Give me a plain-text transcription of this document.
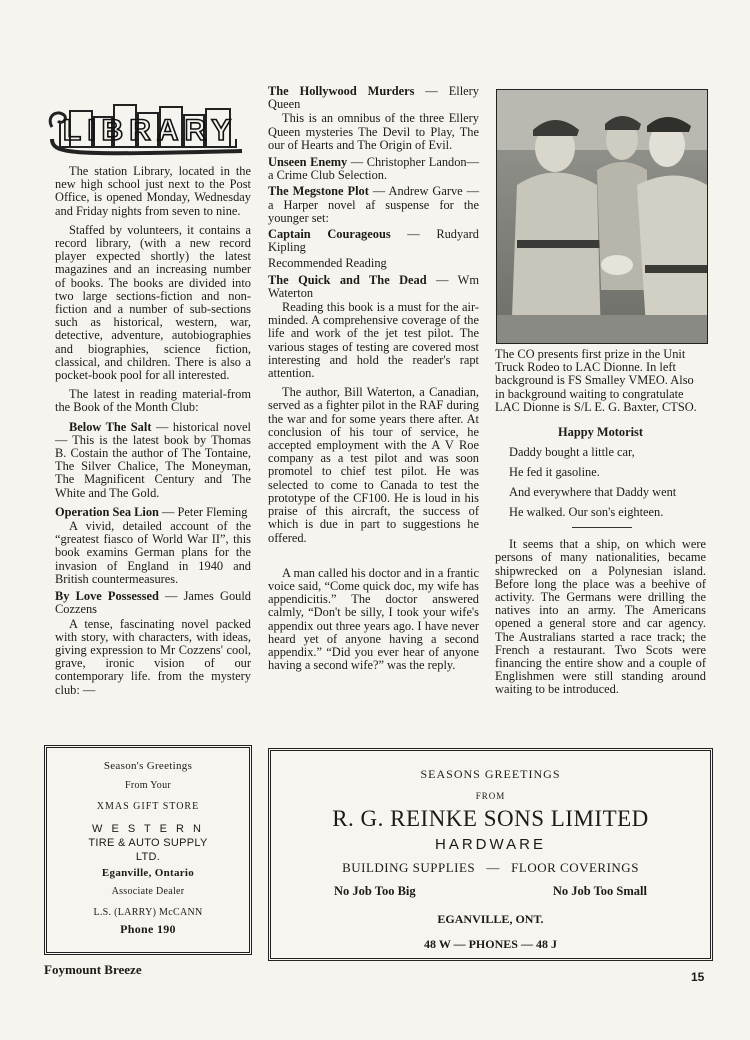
LIBRARY

The station Library, located in the new high school just next to the Post Office, is opened Monday, Wednesday and Friday nights from seven to nine.

Staffed by volunteers, it contains a record library, (with a new record player expected shortly) the latest magazines and an increasing number of books. The books are divided into two large sections-fiction and non-fiction and a number of sub-sections such as historical, western, war, detective, adventure, autobiographies and biographies, science fiction, classical, and children. There is also a pocket-book pool for all interested.

The latest in reading material-from the Book of the Month Club:

Below The Salt — historical novel — This is the latest book by Thomas B. Costain the author of The Tontaine, The Silver Chalice, The Moneyman, The Magnificent Century and The White and The Gold.

Operation Sea Lion — Peter Fleming

A vivid, detailed account of the “greatest fiasco of World War II”, this book examins German plans for the invasion of England in 1940 and British countermeasures.

By Love Possessed — James Gould Cozzens

A tense, fascinating novel packed with story, with characters, with ideas, giving expression to Mr Cozzens' cool, grave, ironic vision of our contemporary life. from the mystery club: —

The Hollywood Murders — Ellery Queen

This is an omnibus of the three Ellery Queen mysteries The Devil to Play, The our of Hearts and The Origin of Evil.

Unseen Enemy — Christopher Landon—a Crime Club Selection.

The Megstone Plot — Andrew Garve — a Harper novel af suspense for the younger set:

Captain Courageous — Rudyard Kipling

Recommended Reading

The Quick and The Dead — Wm Waterton

Reading this book is a must for the air-minded. A comprehensive coverage of the life and work of the jet test pilot. The various stages of testing are covered most interesting and hold the reader's rapt attention.

The author, Bill Waterton, a Canadian, served as a fighter pilot in the RAF during the war and for some years there after. At conclusion of his tour of service, he accepted employment with the A V Roe company as a test pilot and was soon promotel to chief test pilot. He was selected to come to Canada to test the prototype of the CF100. He is loud in his praise of this aircraft, the success of which is due in part to suggestions he offered.

A man called his doctor and in a frantic voice said, “Come quick doc, my wife has appendicitis.” The doctor answered calmly, “Don't be silly, I took your wife's appendix out three years ago. I have never heard yet of anyone having a second appendix.” “Did you ever hear of anyone having a second wife?” was the reply.

The CO presents first prize in the Unit Truck Rodeo to LAC Dionne. In left background is FS Smalley VMEO. Also in background waiting to congratulate LAC Dionne is S/L E. G. Baxter, CTSO.

Happy Motorist

Daddy bought a little car,

He fed it gasoline.

And everywhere that Daddy went

He walked. Our son's eighteen.

It seems that a ship, on which were persons of many nationalities, became shipwrecked on a Polynesian island. Before long the place was a beehive of activity. The Germans were drilling the natives into an army. The Americans opened a general store and car agency. The Australians started a race track; the French a restaurant. Two Scots were financing the entire show and a couple of Englishmen were still standing around waiting to be introduced.

Season's Greetings
From Your
XMAS GIFT STORE
W E S T E R N
TIRE & AUTO SUPPLY
LTD.
Eganville, Ontario
Associate Dealer
L.S. (LARRY) McCANN
Phone 190
SEASONS GREETINGS
FROM
R. G. REINKE SONS LIMITED
HARDWARE
BUILDING SUPPLIES — FLOOR COVERINGS
No Job Too Big	No Job Too Small
EGANVILLE, ONT.
48 W — PHONES — 48 J
Foymount Breeze	15
